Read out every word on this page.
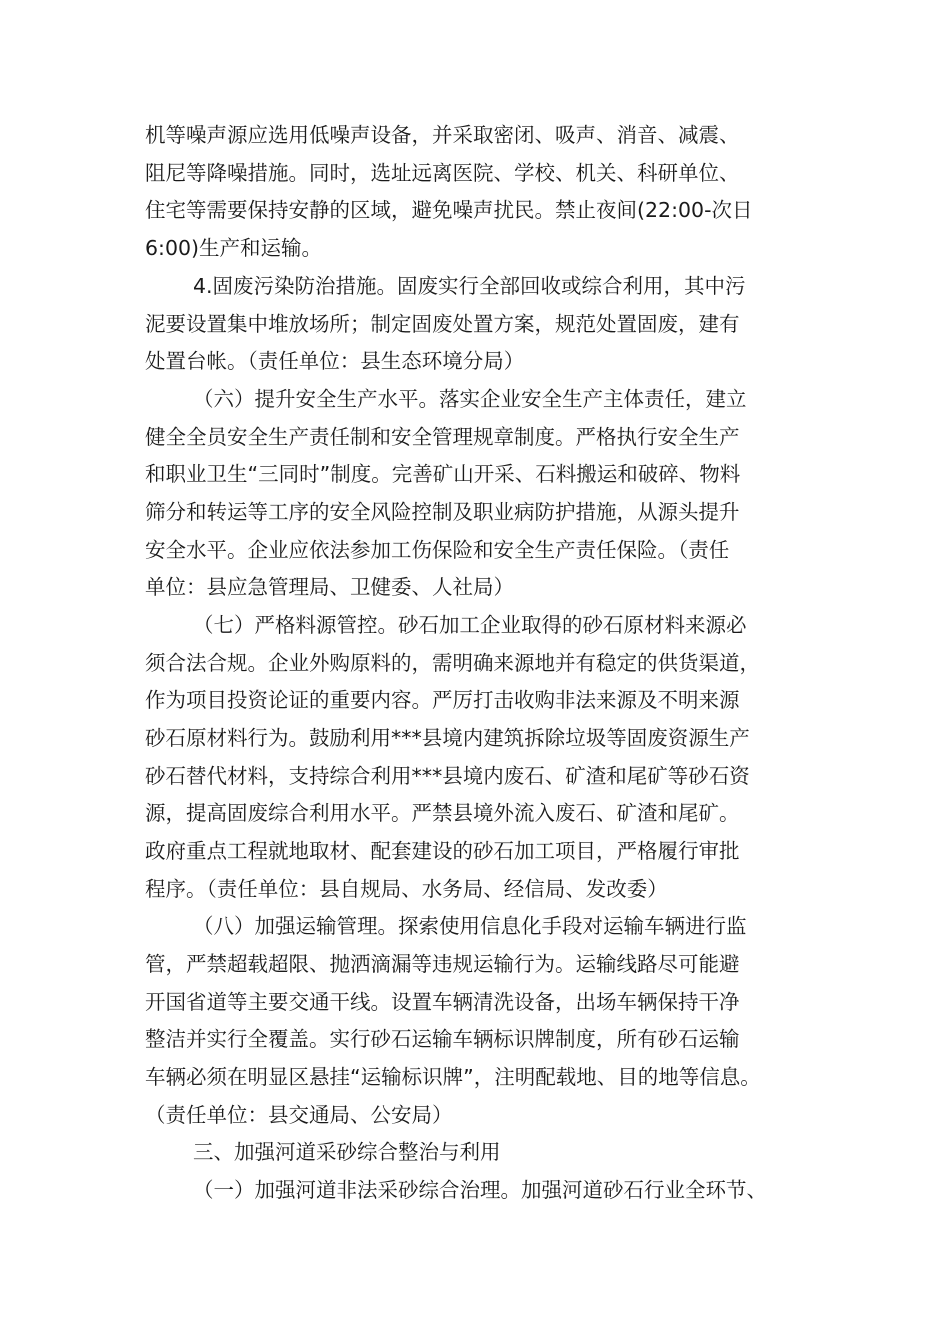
机等噪声源应选用低噪声设备，并采取密闭、吸声、消音、减震、
阻尼等降噪措施。同时，选址远离医院、学校、机关、科研单位、
住宅等需要保持安静的区域，避免噪声扰民。禁止夜间(22:00-次日
6:00)生产和运输。
4.固废污染防治措施。固废实行全部回收或综合利用，其中污
泥要设置集中堆放场所；制定固废处置方案，规范处置固废，建有
处置台帐。（责任单位：县生态环境分局）
（六）提升安全生产水平。落实企业安全生产主体责任，建立
健全全员安全生产责任制和安全管理规章制度。严格执行安全生产
和职业卫生“三同时”制度。完善矿山开采、石料搬运和破碎、物料
筛分和转运等工序的安全风险控制及职业病防护措施，从源头提升
安全水平。企业应依法参加工伤保险和安全生产责任保险。（责任
单位：县应急管理局、卫健委、人社局）
（七）严格料源管控。砂石加工企业取得的砂石原材料来源必
须合法合规。企业外购原料的，需明确来源地并有稳定的供货渠道，
作为项目投资论证的重要内容。严厉打击收购非法来源及不明来源
砂石原材料行为。鼓励利用***县境内建筑拆除垃圾等固废资源生产
砂石替代材料，支持综合利用***县境内废石、矿渣和尾矿等砂石资
源，提高固废综合利用水平。严禁县境外流入废石、矿渣和尾矿。
政府重点工程就地取材、配套建设的砂石加工项目，严格履行审批
程序。（责任单位：县自规局、水务局、经信局、发改委）
（八）加强运输管理。探索使用信息化手段对运输车辆进行监
管，严禁超载超限、抛洒滴漏等违规运输行为。运输线路尽可能避
开国省道等主要交通干线。设置车辆清洗设备，出场车辆保持干净
整洁并实行全覆盖。实行砂石运输车辆标识牌制度，所有砂石运输
车辆必须在明显区悬挂“运输标识牌”，注明配载地、目的地等信息。
（责任单位：县交通局、公安局）
三、加强河道采砂综合整治与利用
（一）加强河道非法采砂综合治理。加强河道砂石行业全环节、
